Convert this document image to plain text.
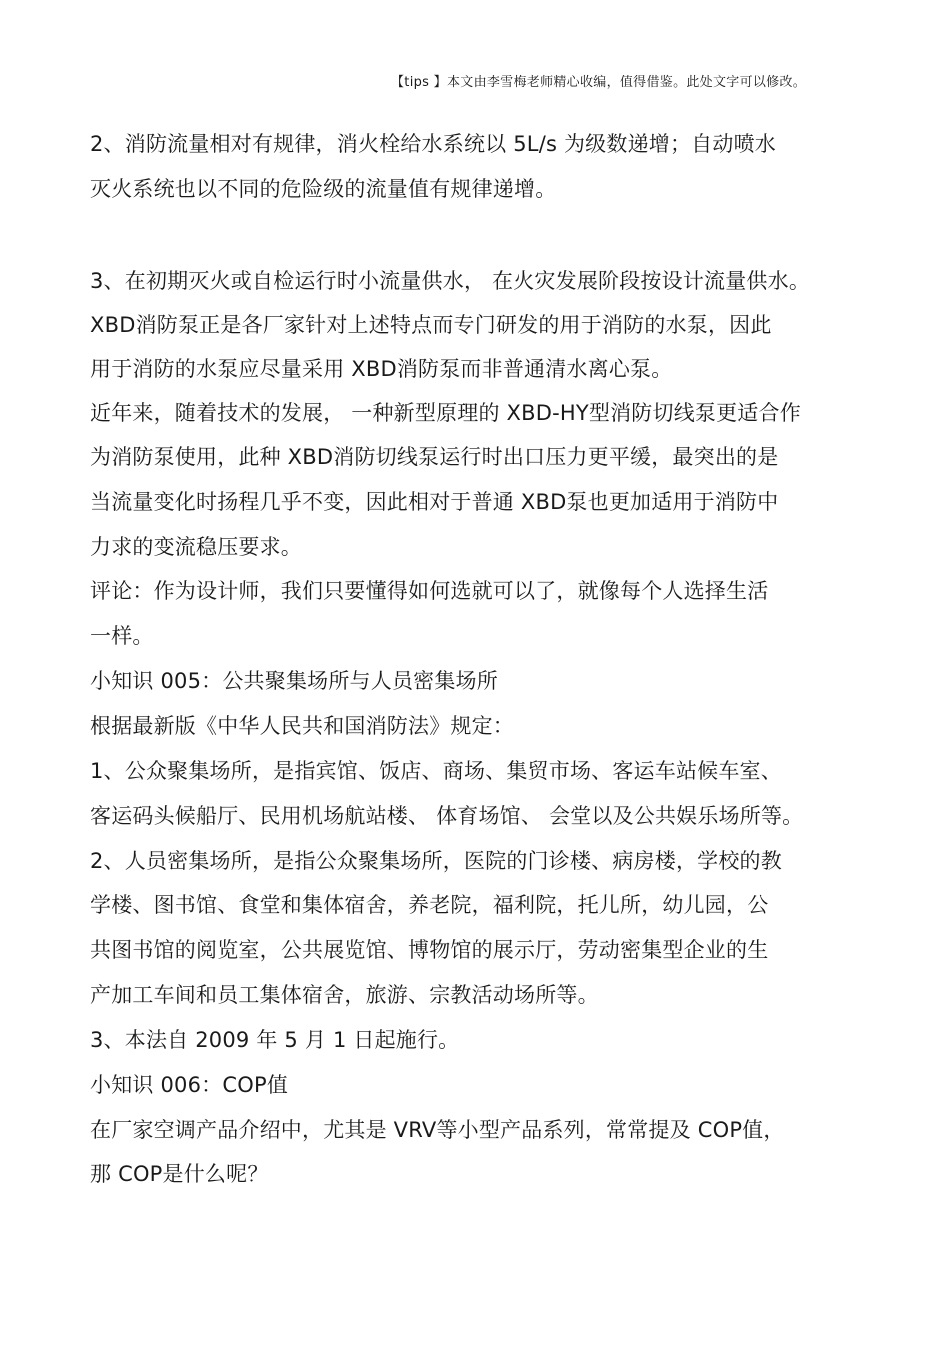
【tips 】本文由李雪梅老师精心收编，值得借鉴。此处文字可以修改。
2、消防流量相对有规律，消火栓给水系统以 5L/s 为级数递增；自动喷水
灭火系统也以不同的危险级的流量值有规律递增。
3、在初期灭火或自检运行时小流量供水， 在火灾发展阶段按设计流量供水。
XBD消防泵正是各厂家针对上述特点而专门研发的用于消防的水泵，因此
用于消防的水泵应尽量采用 XBD消防泵而非普通清水离心泵。
近年来，随着技术的发展， 一种新型原理的 XBD-HY型消防切线泵更适合作
为消防泵使用，此种 XBD消防切线泵运行时出口压力更平缓，最突出的是
当流量变化时扬程几乎不变，因此相对于普通 XBD泵也更加适用于消防中
力求的变流稳压要求。
评论：作为设计师，我们只要懂得如何选就可以了，就像每个人选择生活
一样。
小知识 005：公共聚集场所与人员密集场所
根据最新版《中华人民共和国消防法》规定：
1、公众聚集场所，是指宾馆、饭店、商场、集贸市场、客运车站候车室、
客运码头候船厅、民用机场航站楼、 体育场馆、 会堂以及公共娱乐场所等。
2、人员密集场所，是指公众聚集场所，医院的门诊楼、病房楼，学校的教
学楼、图书馆、食堂和集体宿舍，养老院，福利院，托儿所，幼儿园，公
共图书馆的阅览室，公共展览馆、博物馆的展示厅，劳动密集型企业的生
产加工车间和员工集体宿舍，旅游、宗教活动场所等。
3、本法自 2009 年 5 月 1 日起施行。
小知识 006：COP值
在厂家空调产品介绍中，尤其是 VRV等小型产品系列，常常提及 COP值，
那 COP是什么呢？
